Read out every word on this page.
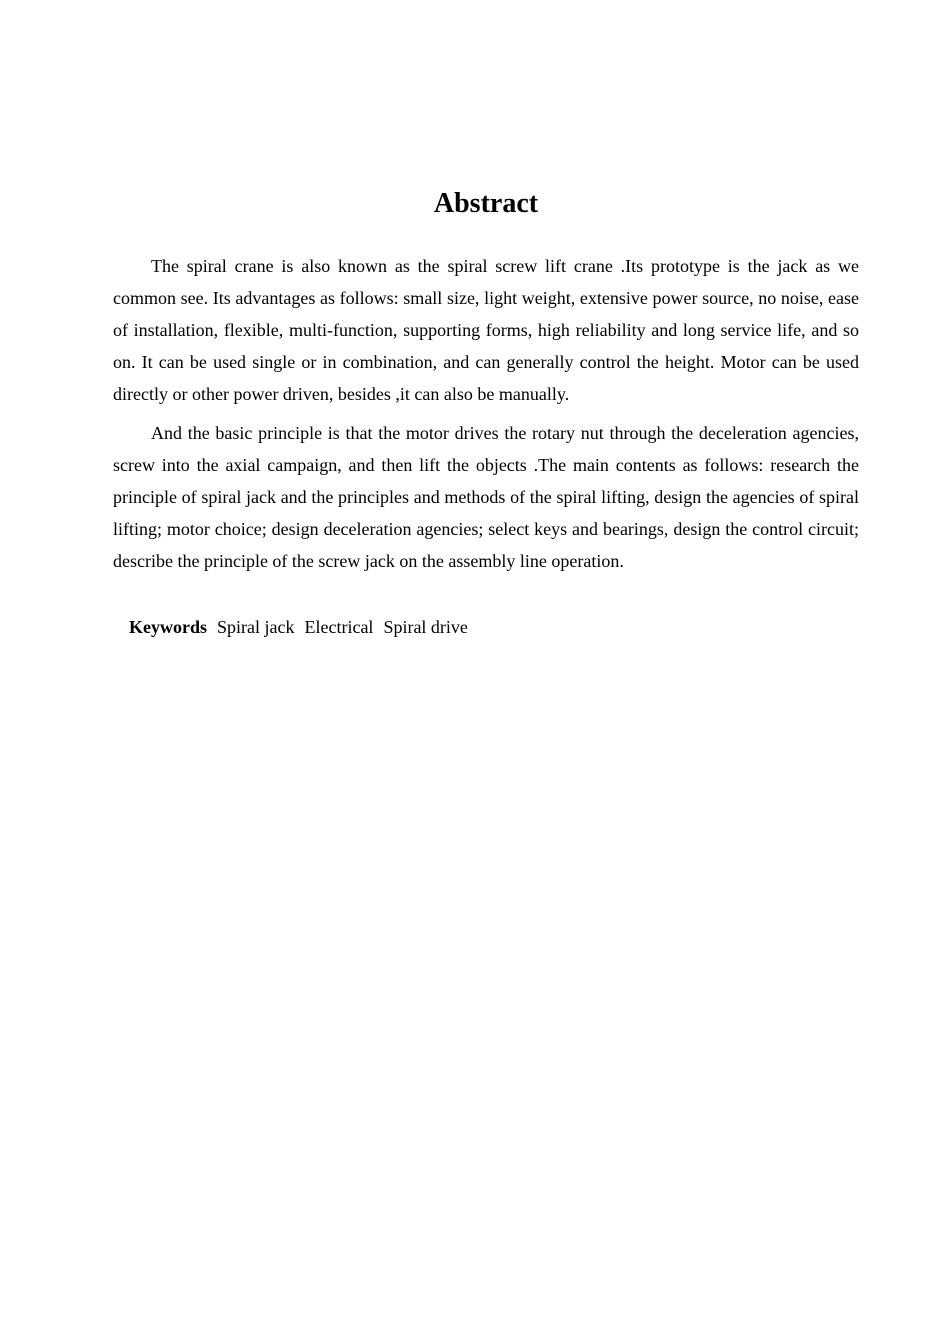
Abstract

The spiral crane is also known as the spiral screw lift crane .Its prototype is the jack as we common see. Its advantages as follows: small size, light weight, extensive power source, no noise, ease of installation, flexible, multi-function, supporting forms, high reliability and long service life, and so on. It can be used single or in combination, and can generally control the height. Motor can be used directly or other power driven, besides ,it can also be manually.

And the basic principle is that the motor drives the rotary nut through the deceleration agencies, screw into the axial campaign, and then lift the objects .The main contents as follows: research the principle of spiral jack and the principles and methods of the spiral lifting, design the agencies of spiral lifting; motor choice; design deceleration agencies; select keys and bearings, design the control circuit; describe the principle of the screw jack on the assembly line operation.

Keywords Spiral jack Electrical Spiral drive
